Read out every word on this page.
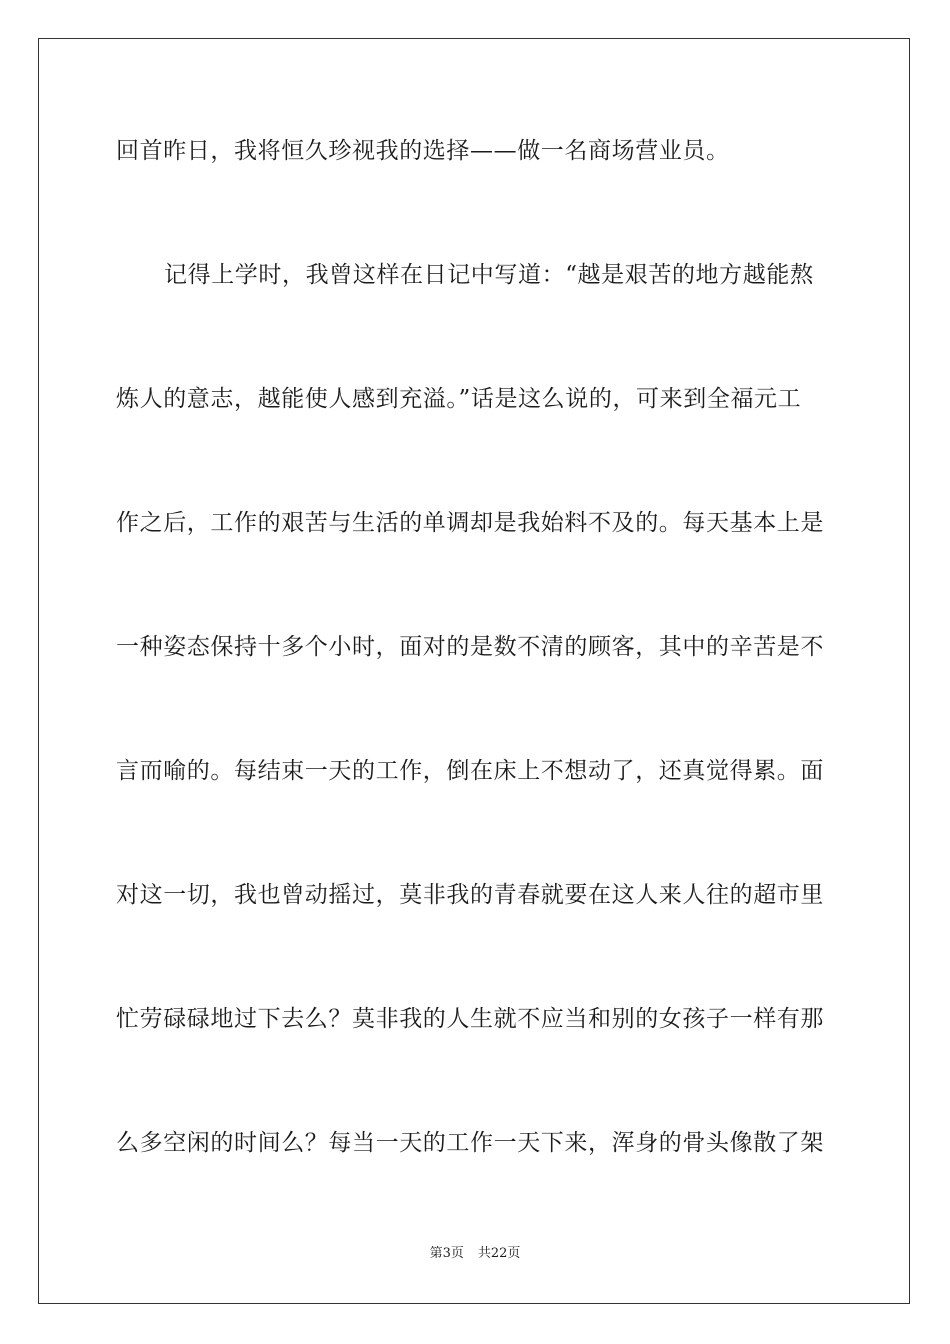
回首昨日，我将恒久珍视我的选择——做一名商场营业员。
记得上学时，我曾这样在日记中写道：“越是艰苦的地方越能熬
炼人的意志，越能使人感到充溢。”话是这么说的，可来到全福元工
作之后，工作的艰苦与生活的单调却是我始料不及的。每天基本上是
一种姿态保持十多个小时，面对的是数不清的顾客，其中的辛苦是不
言而喻的。每结束一天的工作，倒在床上不想动了，还真觉得累。面
对这一切，我也曾动摇过，莫非我的青春就要在这人来人往的超市里
忙劳碌碌地过下去么？莫非我的人生就不应当和别的女孩子一样有那
么多空闲的时间么？每当一天的工作一天下来，浑身的骨头像散了架
第3页 共22页
